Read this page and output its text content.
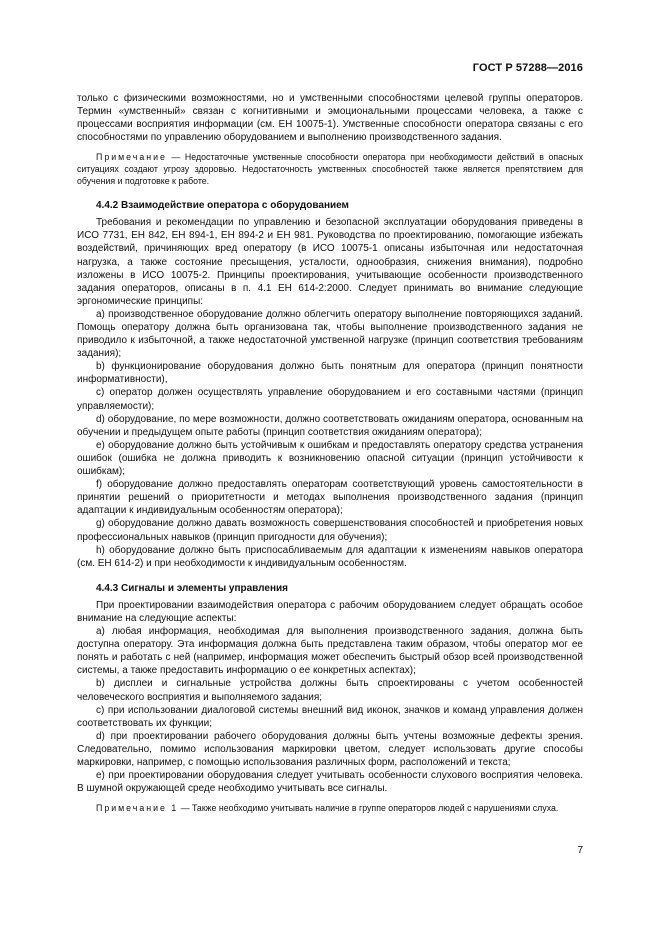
ГОСТ Р 57288—2016

только с физическими возможностями, но и умственными способностями целевой группы операторов. Термин «умственный» связан с когнитивными и эмоциональными процессами человека, а также с процессами восприятия информации (см. ЕН 10075-1). Умственные способности оператора связаны с его способностями по управлению оборудованием и выполнению производственного задания.

Примечание — Недостаточные умственные способности оператора при необходимости действий в опасных ситуациях создают угрозу здоровью. Недостаточность умственных способностей также является препятствием для обучения и подготовке к работе.

4.4.2 Взаимодействие оператора с оборудованием

Требования и рекомендации по управлению и безопасной эксплуатации оборудования приведены в ИСО 7731, ЕН 842, ЕН 894-1, ЕН 894-2 и ЕН 981. Руководства по проектированию, помогающие избежать воздействий, причиняющих вред оператору (в ИСО 10075-1 описаны избыточная или недостаточная нагрузка, а также состояние пресыщения, усталости, однообразия, снижения внимания), подробно изложены в ИСО 10075-2. Принципы проектирования, учитывающие особенности производственного задания операторов, описаны в п. 4.1 ЕН 614-2:2000. Следует принимать во внимание следующие эргономические принципы:

a) производственное оборудование должно облегчить оператору выполнение повторяющихся заданий. Помощь оператору должна быть организована так, чтобы выполнение производственного задания не приводило к избыточной, а также недостаточной умственной нагрузке (принцип соответствия требованиям задания);

b) функционирование оборудования должно быть понятным для оператора (принцип понятности информативности),

c) оператор должен осуществлять управление оборудованием и его составными частями (принцип управляемости);

d) оборудование, по мере возможности, должно соответствовать ожиданиям оператора, основанным на обучении и предыдущем опыте работы (принцип соответствия ожиданиям оператора);

e) оборудование должно быть устойчивым к ошибкам и предоставлять оператору средства устранения ошибок (ошибка не должна приводить к возникновению опасной ситуации (принцип устойчивости к ошибкам);

f) оборудование должно предоставлять операторам соответствующий уровень самостоятельности в принятии решений о приоритетности и методах выполнения производственного задания (принцип адаптации к индивидуальным особенностям оператора);

g) оборудование должно давать возможность совершенствования способностей и приобретения новых профессиональных навыков (принцип пригодности для обучения);

h) оборудование должно быть приспосабливаемым для адаптации к изменениям навыков оператора (см. ЕН 614-2) и при необходимости к индивидуальным особенностям.

4.4.3 Сигналы и элементы управления

При проектировании взаимодействия оператора с рабочим оборудованием следует обращать особое внимание на следующие аспекты:

a) любая информация, необходимая для выполнения производственного задания, должна быть доступна оператору. Эта информация должна быть представлена таким образом, чтобы оператор мог ее понять и работать с ней (например, информация может обеспечить быстрый обзор всей производственной системы, а также предоставить информацию о ее конкретных аспектах);

b) дисплеи и сигнальные устройства должны быть спроектированы с учетом особенностей человеческого восприятия и выполняемого задания;

c) при использовании диалоговой системы внешний вид иконок, значков и команд управления должен соответствовать их функции;

d) при проектировании рабочего оборудования должны быть учтены возможные дефекты зрения. Следовательно, помимо использования маркировки цветом, следует использовать другие способы маркировки, например, с помощью использования различных форм, расположений и текста;

e) при проектировании оборудования следует учитывать особенности слухового восприятия человека. В шумной окружающей среде необходимо учитывать все сигналы.

Примечание 1 — Также необходимо учитывать наличие в группе операторов людей с нарушениями слуха.

7
